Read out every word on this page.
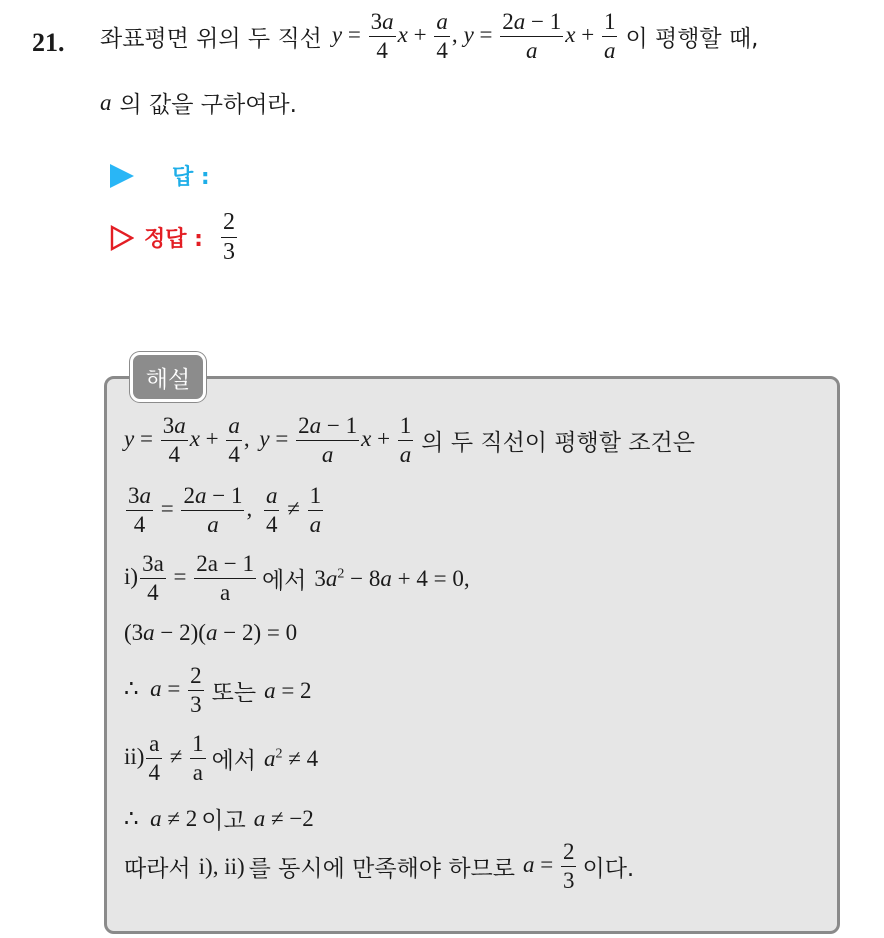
21. 좌표평면 위의 두 직선 $y = \frac{3a}{4}$ $x + \frac{a}{4}$ , $y = \frac{2a - 1}{a}$ $x + \frac{1}{a}$ 이 평행할 때,
a 의 값을 구하여라.
답 :
정답 : $\frac{2}{3}$
해설
$y = \frac{3a}{4}$ $x + \frac{a}{4}$ , $y = \frac{2a - 1}{a}$ $x + \frac{1}{a}$ 의 두 직선이 평행할 조건은
$\frac{3a}{4} = \frac{2a - 1}{a}$ , $\frac{a}{4} \ne \frac{1}{a}$
$i) \frac{3a}{4} = \frac{2a - 1}{a}$ 에서 $3a^2 - 8a + 4 = 0$,
(3a − 2)(a − 2) = 0
∴  $a = \frac{2}{3}$ 또는 a = 2
$ii) \frac{a}{4} \ne \frac{1}{a}$ 에서 $a^2 \ne 4$
∴  a ≠ 2 이고 a ≠ −2
따라서 i), ii) 를 동시에 만족해야 하므로 $a = \frac{2}{3}$ 이다.
